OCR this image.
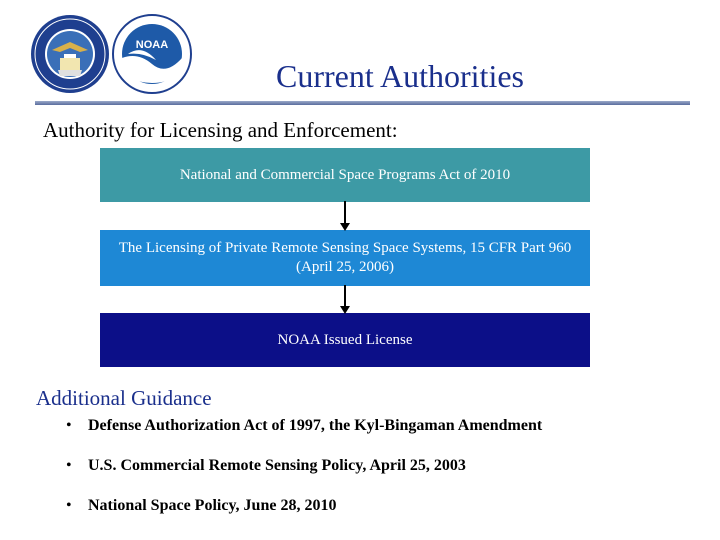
NOAA
Current Authorities
Authority for Licensing and Enforcement:
National and Commercial Space Programs Act of 2010
The Licensing of Private Remote Sensing Space Systems, 15 CFR Part 960 (April 25, 2006)
NOAA Issued License
Additional Guidance
•	Defense Authorization Act of 1997, the Kyl-Bingaman Amendment
•	U.S. Commercial Remote Sensing Policy, April 25, 2003
•	National Space Policy, June 28, 2010
